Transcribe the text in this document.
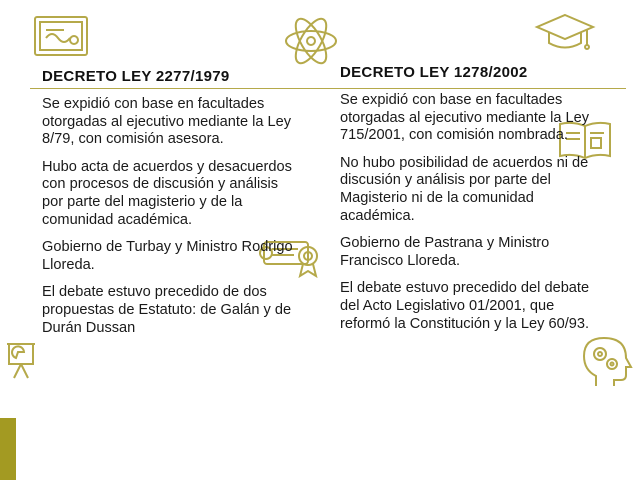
DECRETO LEY 2277/1979	DECRETO LEY 1278/2002

Se expidió con base en facultades otorgadas al ejecutivo mediante la Ley 8/79, con comisión asesora.

Hubo acta de acuerdos y desacuerdos con procesos de discusión y análisis por parte del magisterio y de la comunidad académica.

Gobierno de Turbay y Ministro Rodrigo Lloreda.

El debate estuvo precedido de dos propuestas de Estatuto: de Galán y de Durán Dussan

Se expidió con base en facultades otorgadas al ejecutivo mediante la Ley 715/2001, con comisión nombrada.

No hubo posibilidad de acuerdos ni de discusión y análisis por parte del Magisterio ni de la comunidad académica.

Gobierno de Pastrana y Ministro Francisco Lloreda.

El debate estuvo precedido del debate del Acto Legislativo 01/2001, que reformó la Constitución y la Ley 60/93.
